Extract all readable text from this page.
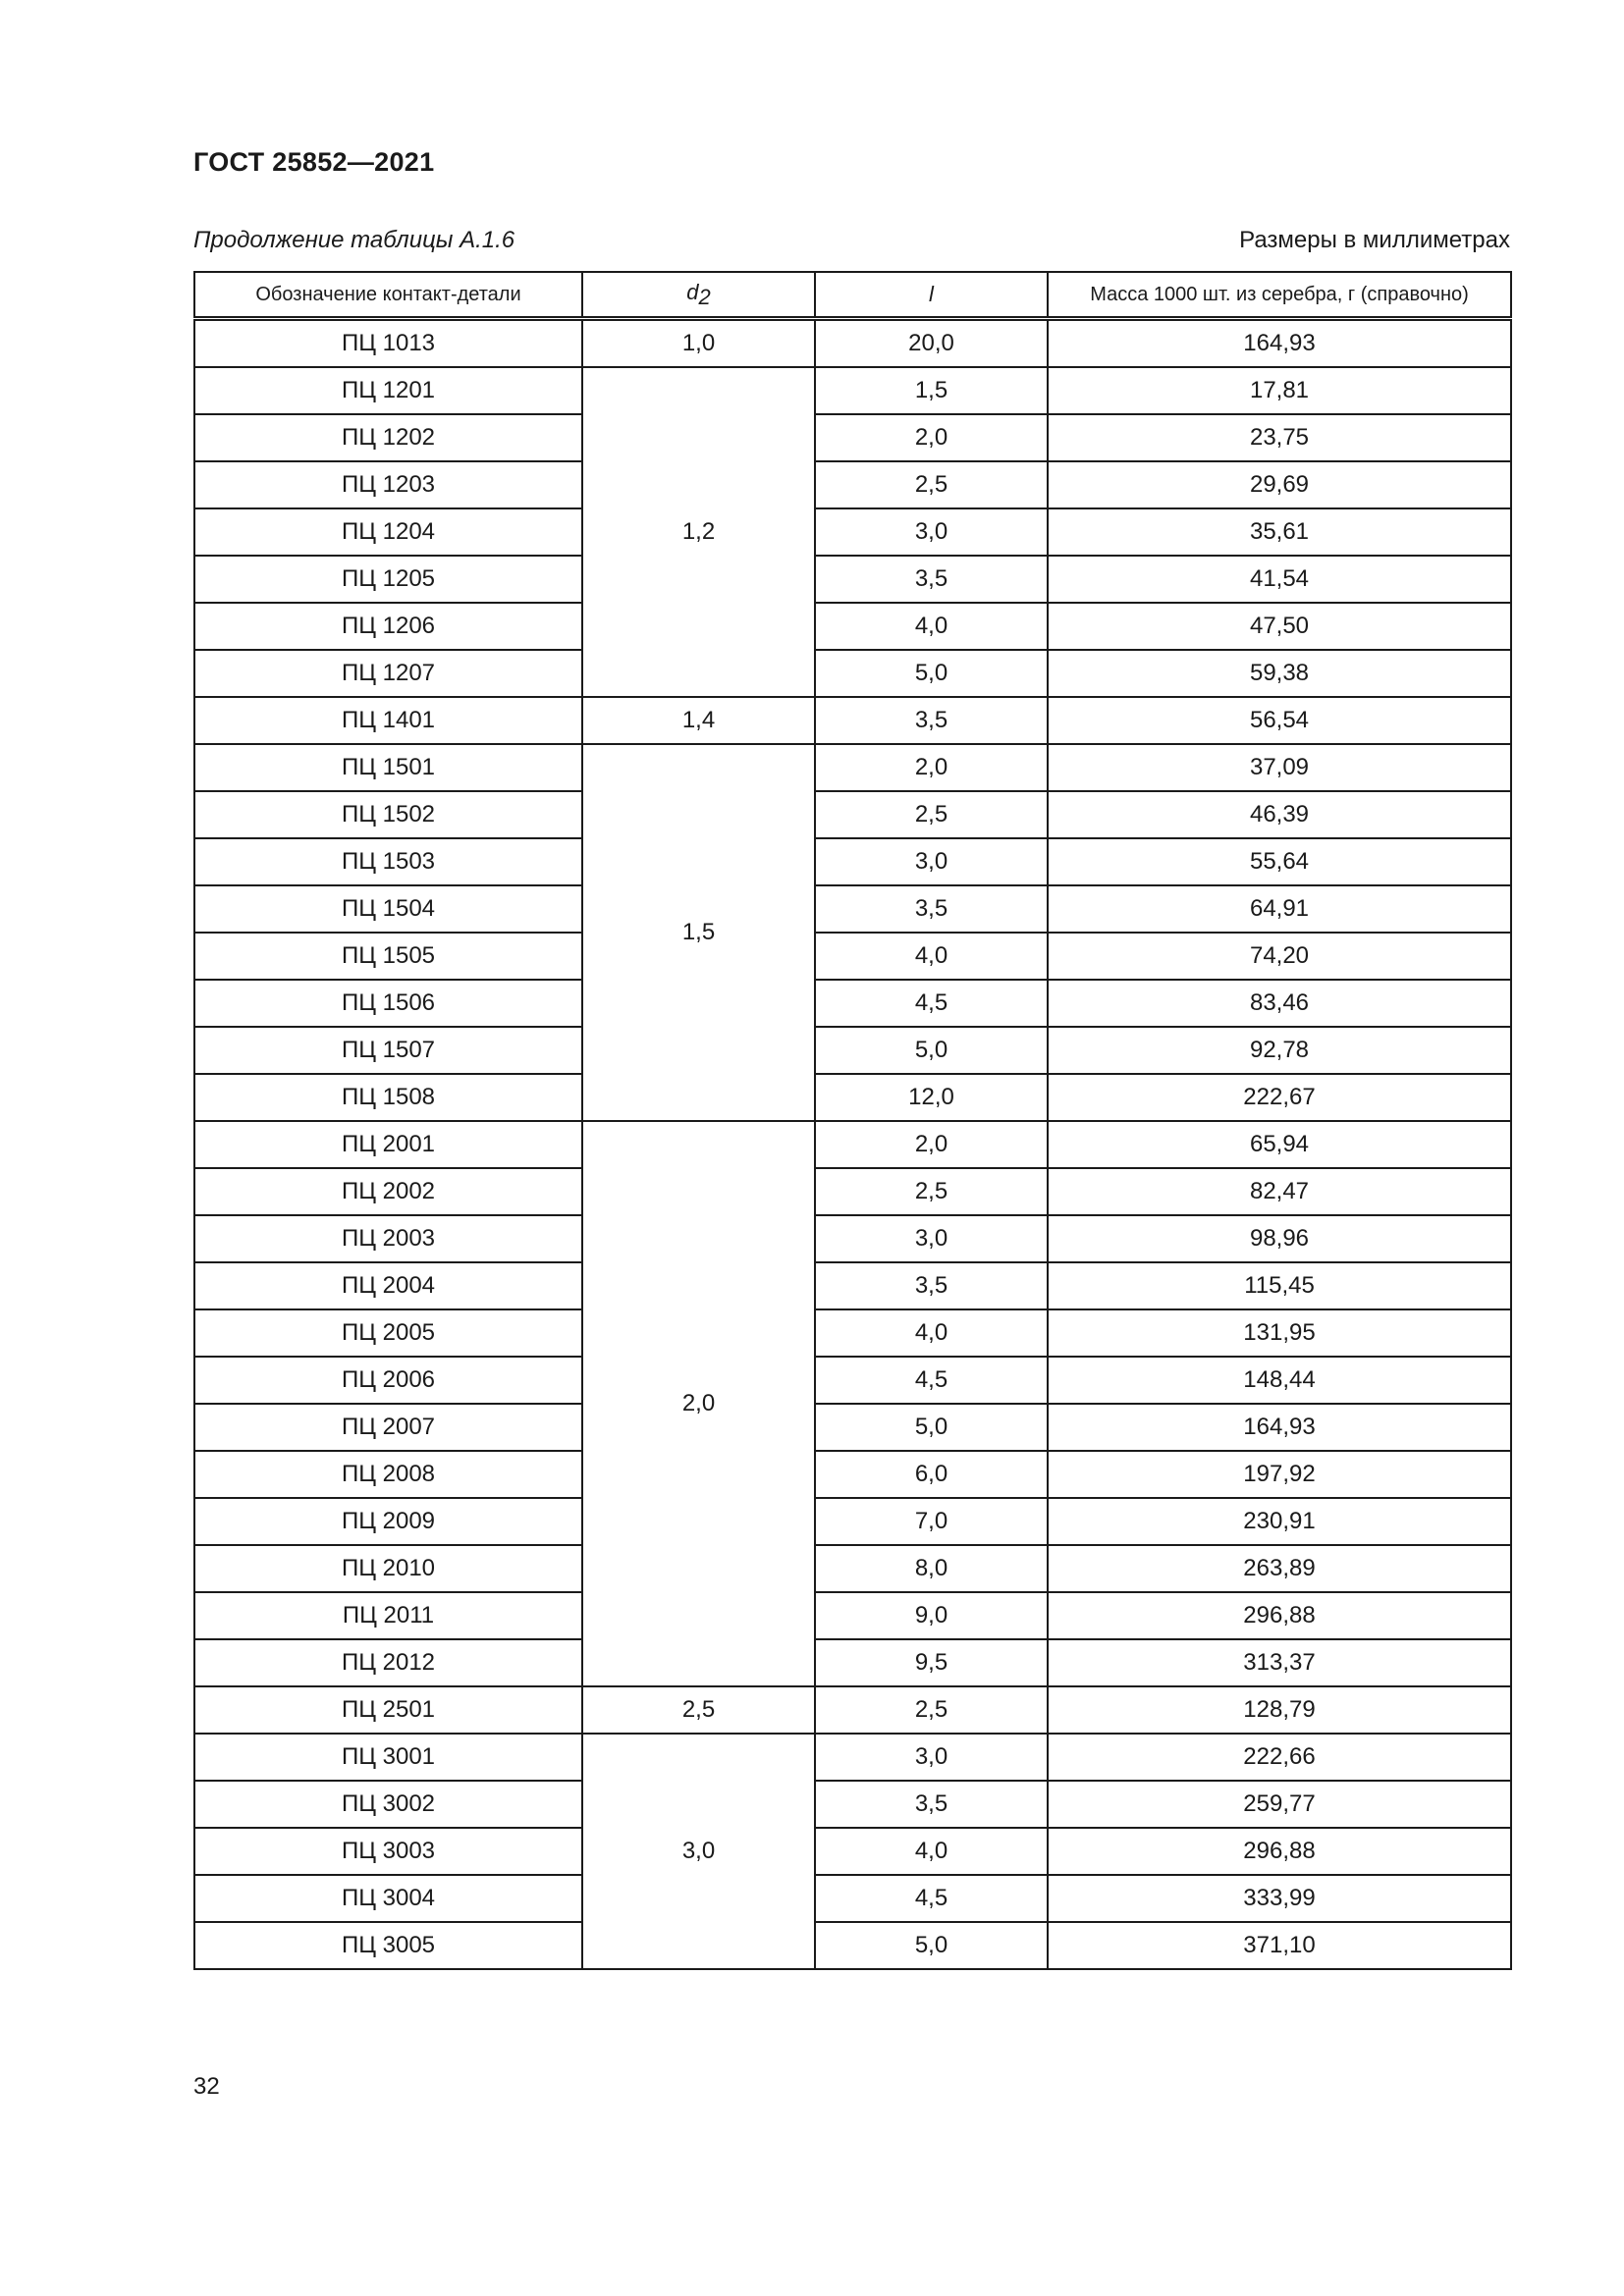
ГОСТ 25852—2021
Продолжение таблицы А.1.6	Размеры в миллиметрах
Обозначение контакт-детали	$d_2$	l	Масса 1000 шт. из серебра, г (справочно)
ПЦ 1013	1,0	20,0	164,93
ПЦ 1201	1,2	1,5	17,81
ПЦ 1202		2,0	23,75
ПЦ 1203		2,5	29,69
ПЦ 1204		3,0	35,61
ПЦ 1205		3,5	41,54
ПЦ 1206		4,0	47,50
ПЦ 1207		5,0	59,38
ПЦ 1401	1,4	3,5	56,54
ПЦ 1501	1,5	2,0	37,09
ПЦ 1502		2,5	46,39
ПЦ 1503		3,0	55,64
ПЦ 1504		3,5	64,91
ПЦ 1505		4,0	74,20
ПЦ 1506		4,5	83,46
ПЦ 1507		5,0	92,78
ПЦ 1508		12,0	222,67
ПЦ 2001	2,0	2,0	65,94
ПЦ 2002		2,5	82,47
ПЦ 2003		3,0	98,96
ПЦ 2004		3,5	115,45
ПЦ 2005		4,0	131,95
ПЦ 2006		4,5	148,44
ПЦ 2007		5,0	164,93
ПЦ 2008		6,0	197,92
ПЦ 2009		7,0	230,91
ПЦ 2010		8,0	263,89
ПЦ 2011		9,0	296,88
ПЦ 2012		9,5	313,37
ПЦ 2501	2,5	2,5	128,79
ПЦ 3001	3,0	3,0	222,66
ПЦ 3002		3,5	259,77
ПЦ 3003		4,0	296,88
ПЦ 3004		4,5	333,99
ПЦ 3005		5,0	371,10
32
